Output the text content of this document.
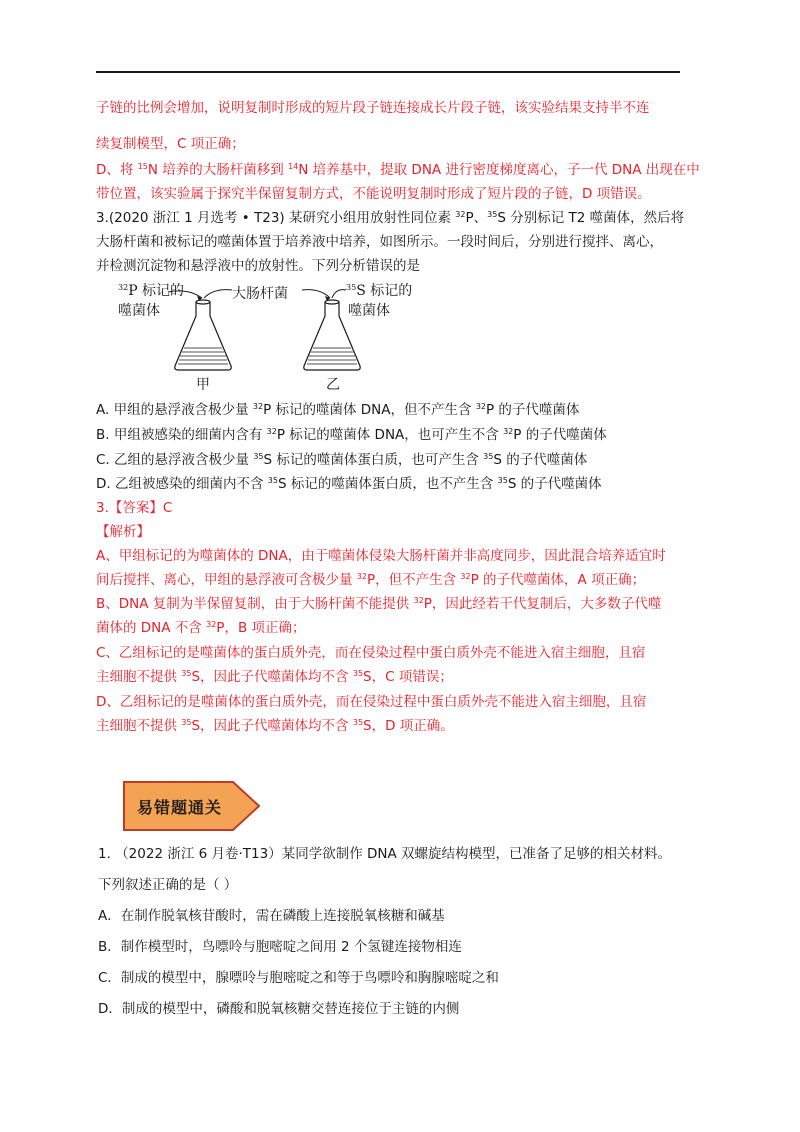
子链的比例会增加，说明复制时形成的短片段子链连接成长片段子链，该实验结果支持半不连
续复制模型，C 项正确；
D、将 $^{15}$N 培养的大肠杆菌移到 $^{14}$N 培养基中，提取 DNA 进行密度梯度离心，子一代 DNA 出现在中
带位置，该实验属于探究半保留复制方式，不能说明复制时形成了短片段的子链，D 项错误。
3.(2020 浙江 1 月选考 • T23) 某研究小组用放射性同位素 $^{32}$P、$^{35}$S 分别标记 T2 噬菌体，然后将
大肠杆菌和被标记的噬菌体置于培养液中培养，如图所示。一段时间后，分别进行搅拌、离心，
并检测沉淀物和悬浮液中的放射性。下列分析错误的是
$^{32}$P 标记的
噬菌体
大肠杆菌	$^{35}$S 标记的
噬菌体
甲	乙
A. 甲组的悬浮液含极少量 $^{32}$P 标记的噬菌体 DNA，但不产生含 $^{32}$P 的子代噬菌体
B. 甲组被感染的细菌内含有 $^{32}$P 标记的噬菌体 DNA，也可产生不含 $^{32}$P 的子代噬菌体
C. 乙组的悬浮液含极少量 $^{35}$S 标记的噬菌体蛋白质，也可产生含 $^{35}$S 的子代噬菌体
D. 乙组被感染的细菌内不含 $^{35}$S 标记的噬菌体蛋白质，也不产生含 $^{35}$S 的子代噬菌体
3.【答案】C
【解析】
A、甲组标记的为噬菌体的 DNA，由于噬菌体侵染大肠杆菌并非高度同步，因此混合培养适宜时
间后搅拌、离心，甲组的悬浮液可含极少量 $^{32}$P，但不产生含 $^{32}$P 的子代噬菌体，A 项正确；
B、DNA 复制为半保留复制，由于大肠杆菌不能提供 $^{32}$P，因此经若干代复制后，大多数子代噬
菌体的 DNA 不含 $^{32}$P，B 项正确；
C、乙组标记的是噬菌体的蛋白质外壳，而在侵染过程中蛋白质外壳不能进入宿主细胞，且宿
主细胞不提供 $^{35}$S，因此子代噬菌体均不含 $^{35}$S，C 项错误；
D、乙组标记的是噬菌体的蛋白质外壳，而在侵染过程中蛋白质外壳不能进入宿主细胞，且宿
主细胞不提供 $^{35}$S，因此子代噬菌体均不含 $^{35}$S，D 项正确。
易错题通关
1. （2022 浙江 6 月卷·T13）某同学欲制作 DNA 双螺旋结构模型，已准备了足够的相关材料。
下列叙述正确的是（ ）
A．在制作脱氧核苷酸时，需在磷酸上连接脱氧核糖和碱基
B．制作模型时，鸟嘌呤与胞嘧啶之间用 2 个氢键连接物相连
C．制成的模型中，腺嘌呤与胞嘧啶之和等于鸟嘌呤和胸腺嘧啶之和
D．制成的模型中，磷酸和脱氧核糖交替连接位于主链的内侧
